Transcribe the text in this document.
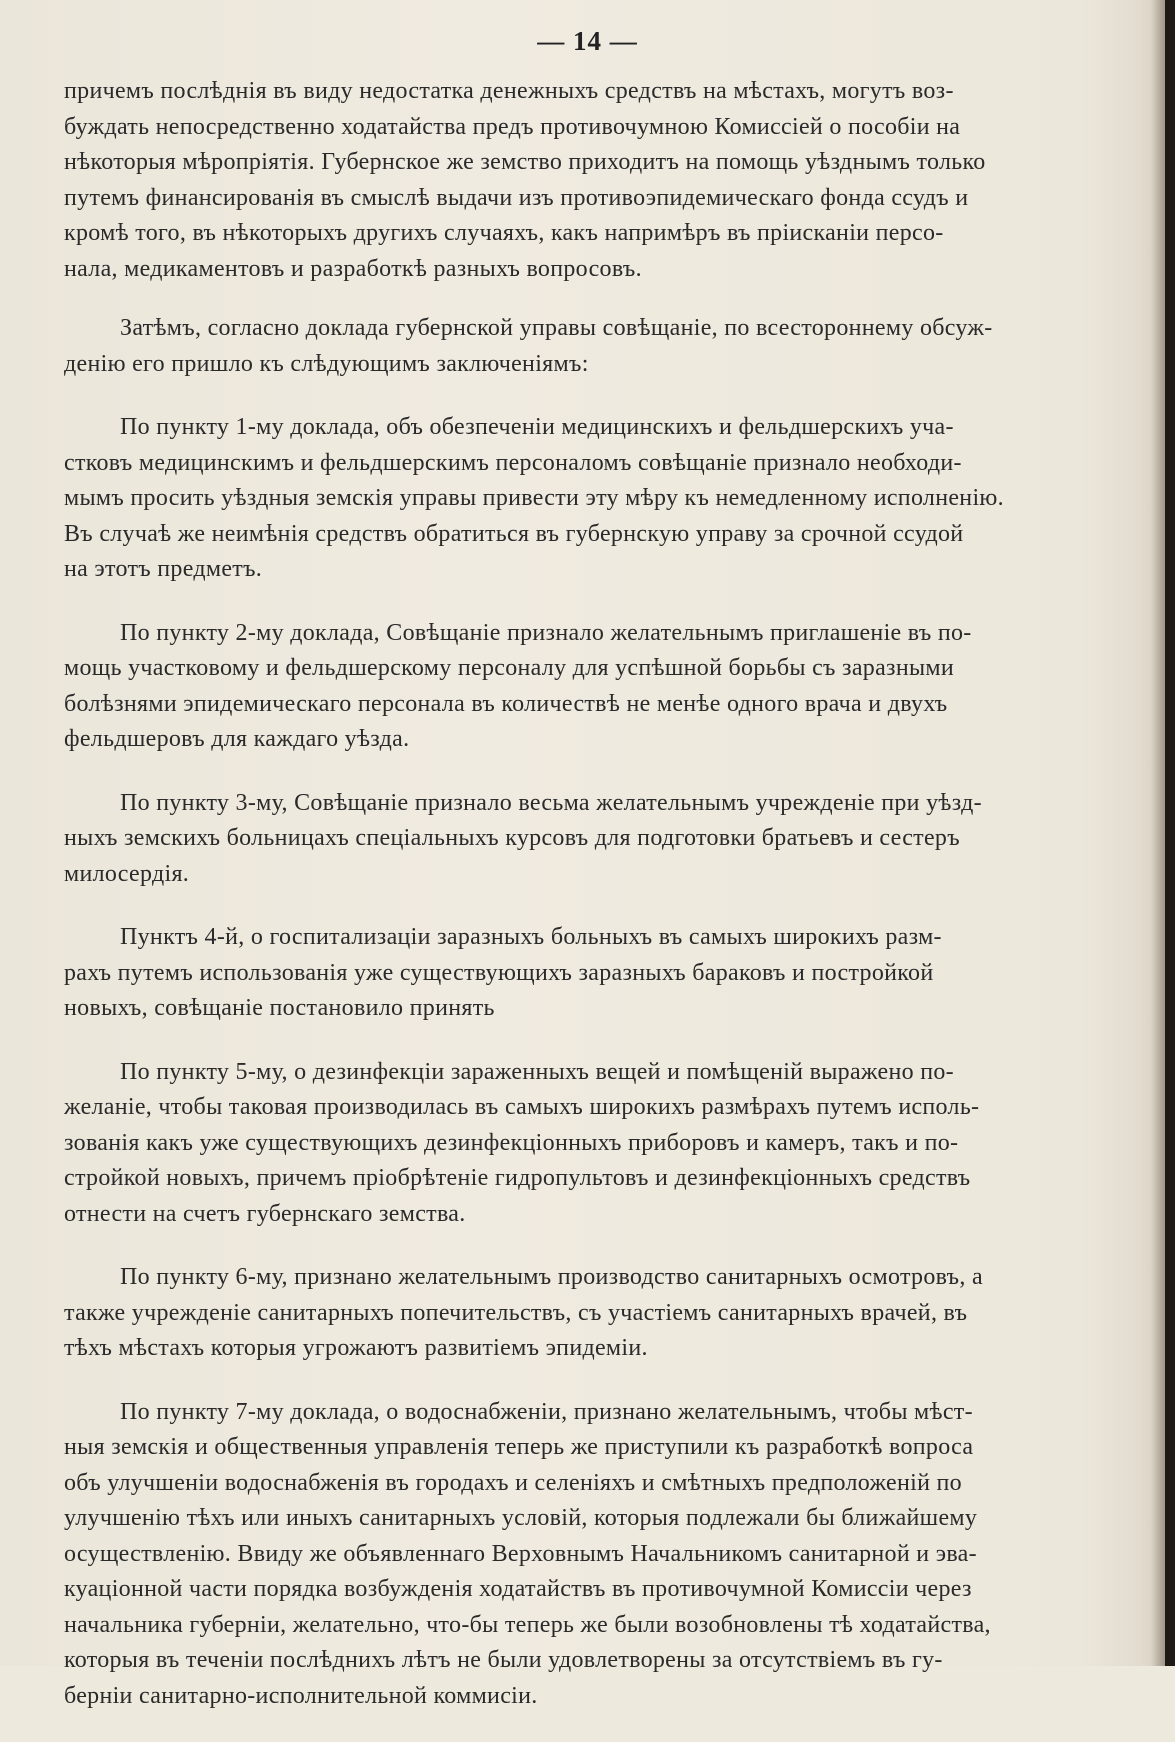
— 14 —
причемъ послѣднія въ виду недостатка денежныхъ средствъ на мѣстахъ, могутъ воз-
буждать непосредственно ходатайства предъ противочумною Комиссіей о пособіи на
нѣкоторыя мѣропріятія. Губернское же земство приходитъ на помощь уѣзднымъ только
путемъ финансированія въ смыслѣ выдачи изъ противоэпидемическаго фонда ссудъ и
кромѣ того, въ нѣкоторыхъ другихъ случаяхъ, какъ напримѣръ въ пріисканіи персо-
нала, медикаментовъ и разработкѣ разныхъ вопросовъ.
Затѣмъ, согласно доклада губернской управы совѣщаніе, по всестороннему обсуж-
денію его пришло къ слѣдующимъ заключеніямъ:
По пункту 1-му доклада, объ обезпеченіи медицинскихъ и фельдшерскихъ уча-
стковъ медицинскимъ и фельдшерскимъ персоналомъ совѣщаніе признало необходи-
мымъ просить уѣздныя земскія управы привести эту мѣру къ немедленному исполненію.
Въ случаѣ же неимѣнія средствъ обратиться въ губернскую управу за срочной ссудой
на этотъ предметъ.
По пункту 2-му доклада, Совѣщаніе признало желательнымъ приглашеніе въ по-
мощь участковому и фельдшерскому персоналу для успѣшной борьбы съ заразными
болѣзнями эпидемическаго персонала въ количествѣ не менѣе одного врача и двухъ
фельдшеровъ для каждаго уѣзда.
По пункту 3-му, Совѣщаніе признало весьма желательнымъ учрежденіе при уѣзд-
ныхъ земскихъ больницахъ спеціальныхъ курсовъ для подготовки братьевъ и сестеръ
милосердія.
Пунктъ 4-й, о госпитализаціи заразныхъ больныхъ въ самыхъ широкихъ разм-
рахъ путемъ использованія уже существующихъ заразныхъ бараковъ и постройкой
новыхъ, совѣщаніе постановило принять
По пункту 5-му, о дезинфекціи зараженныхъ вещей и помѣщеній выражено по-
желаніе, чтобы таковая производилась въ самыхъ широкихъ размѣрахъ путемъ исполь-
зованія какъ уже существующихъ дезинфекціонныхъ приборовъ и камеръ, такъ и по-
стройкой новыхъ, причемъ пріобрѣтеніе гидропультовъ и дезинфекціонныхъ средствъ
отнести на счетъ губернскаго земства.
По пункту 6-му, признано желательнымъ производство санитарныхъ осмотровъ, а
также учрежденіе санитарныхъ попечительствъ, съ участіемъ санитарныхъ врачей, въ
тѣхъ мѣстахъ которыя угрожаютъ развитіемъ эпидеміи.
По пункту 7-му доклада, о водоснабженіи, признано желательнымъ, чтобы мѣст-
ныя земскія и общественныя управленія теперь же приступили къ разработкѣ вопроса
объ улучшеніи водоснабженія въ городахъ и селеніяхъ и смѣтныхъ предположеній по
улучшенію тѣхъ или иныхъ санитарныхъ условій, которыя подлежали бы ближайшему
осуществленію. Ввиду же объявленнаго Верховнымъ Начальникомъ санитарной и эва-
куаціонной части порядка возбужденія ходатайствъ въ противочумной Комиссіи через
начальника губерніи, желательно, что-бы теперь же были возобновлены тѣ ходатайства,
которыя въ теченіи послѣднихъ лѣтъ не были удовлетворены за отсутствіемъ въ гу-
берніи санитарно-исполнительной коммисіи.
